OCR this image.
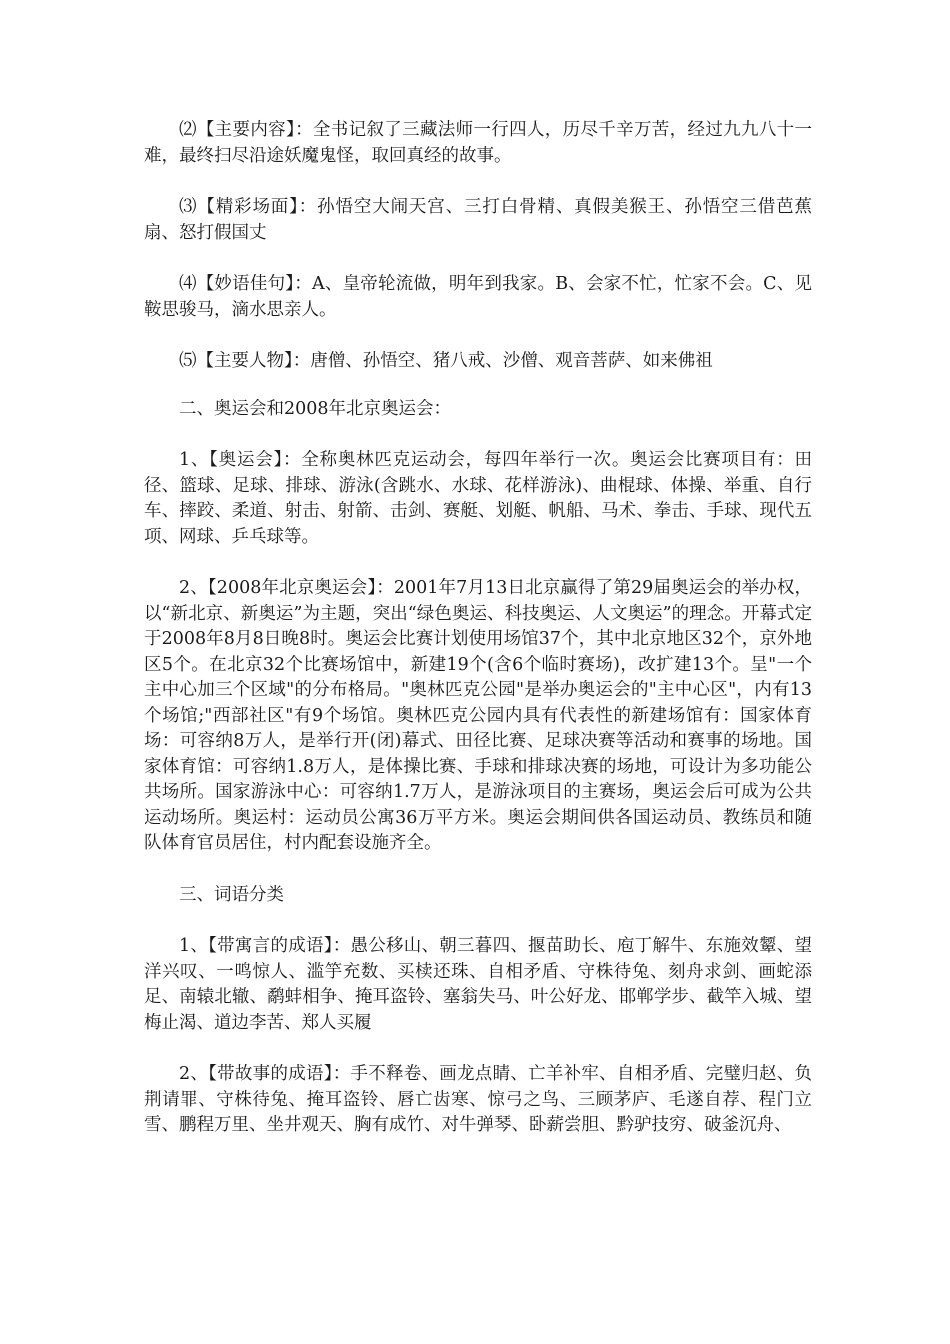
⑵【主要内容】：全书记叙了三藏法师一行四人，历尽千辛万苦，经过九九八十一难，最终扫尽沿途妖魔鬼怪，取回真经的故事。

⑶【精彩场面】：孙悟空大闹天宫、三打白骨精、真假美猴王、孙悟空三借芭蕉扇、怒打假国丈

⑷【妙语佳句】：A、皇帝轮流做，明年到我家。B、会家不忙，忙家不会。C、见鞍思骏马，滴水思亲人。

⑸【主要人物】：唐僧、孙悟空、猪八戒、沙僧、观音菩萨、如来佛祖

二、奥运会和2008年北京奥运会：

1、【奥运会】：全称奥林匹克运动会，每四年举行一次。奥运会比赛项目有：田径、篮球、足球、排球、游泳(含跳水、水球、花样游泳)、曲棍球、体操、举重、自行车、摔跤、柔道、射击、射箭、击剑、赛艇、划艇、帆船、马术、拳击、手球、现代五项、网球、乒乓球等。

2、【2008年北京奥运会】：2001年7月13日北京赢得了第29届奥运会的举办权，以“新北京、新奥运”为主题，突出“绿色奥运、科技奥运、人文奥运”的理念。开幕式定于2008年8月8日晚8时。奥运会比赛计划使用场馆37个，其中北京地区32个，京外地区5个。在北京32个比赛场馆中，新建19个(含6个临时赛场)，改扩建13个。呈"一个主中心加三个区域"的分布格局。"奥林匹克公园"是举办奥运会的"主中心区"，内有13个场馆;"西部社区"有9个场馆。奥林匹克公园内具有代表性的新建场馆有：国家体育场：可容纳8万人，是举行开(闭)幕式、田径比赛、足球决赛等活动和赛事的场地。国家体育馆：可容纳1.8万人，是体操比赛、手球和排球决赛的场地，可设计为多功能公共场所。国家游泳中心：可容纳1.7万人，是游泳项目的主赛场，奥运会后可成为公共运动场所。奥运村：运动员公寓36万平方米。奥运会期间供各国运动员、教练员和随队体育官员居住，村内配套设施齐全。

三、词语分类

1、【带寓言的成语】：愚公移山、朝三暮四、揠苗助长、庖丁解牛、东施效颦、望洋兴叹、一鸣惊人、滥竽充数、买椟还珠、自相矛盾、守株待兔、刻舟求剑、画蛇添足、南辕北辙、鹬蚌相争、掩耳盗铃、塞翁失马、叶公好龙、邯郸学步、截竿入城、望梅止渴、道边李苦、郑人买履

2、【带故事的成语】：手不释卷、画龙点睛、亡羊补牢、自相矛盾、完璧归赵、负荆请罪、守株待兔、掩耳盗铃、唇亡齿寒、惊弓之鸟、三顾茅庐、毛遂自荐、程门立雪、鹏程万里、坐井观天、胸有成竹、对牛弹琴、卧薪尝胆、黔驴技穷、破釜沉舟、
